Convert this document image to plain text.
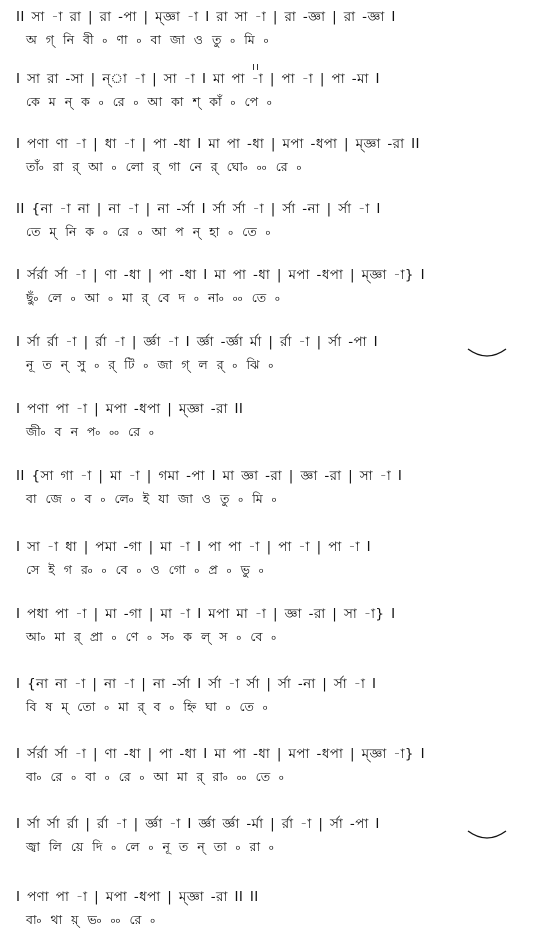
II সা -া রা | রা -পা | ম্জ্ঞা -া I রা সা -া | রা -জ্ঞা | রা -জ্ঞা I
অ গ্ নি বী ৹ ণা ৹ বা জা ও তু ৹ মি ৹
I সা রা -সা | ন্া -া | সা -া I মা পা -া | পা -া | পা -মা I
কে ম ন্ ক ৹ রে ৹ আ কা শ্ কাঁ ৹ পে ৹
I পণা ণা -া | ধা -া | পা -ধা I মা পা -ধা | মপা -ধপা | ম্জ্ঞা -রা II
তাঁ৹ রা র্ আ ৹ লো র্ গা নে র্ ঘো৹ ৹৹ রে ৹
II {না -া না | না -া | না -র্সা I র্সা র্সা -া | র্সা -না | র্সা -া I
তে ম্ নি ক ৹ রে ৹ আ প ন্ হা ৹ তে ৹
I র্সর্রা র্সা -া | ণা -ধা | পা -ধা I মা পা -ধা | মপা -ধপা | ম্জ্ঞা -া} I
ছুঁ৹ লে ৹ আ ৹ মা র্ বে দ ৹ না৹ ৹৹ তে ৹
I র্সা র্রা -া | র্রা -া | র্জ্ঞা -া I র্জ্ঞা -র্জ্ঞা র্মা | র্রা -া | র্সা -পা I
নূ ত ন্ সু ৹ র্ টি ৹ জা গ্ ল র্ ৹ ঝি ৹
I পণা পা -া | মপা -ধপা | ম্জ্ঞা -রা II
জী৹ ব ন প৹ ৹৹ রে ৹
II {সা গা -া | মা -া | গমা -পা I মা জ্ঞা -রা | জ্ঞা -রা | সা -া I
বা জে ৹ ব ৹ লে৹ ই যা জা ও তু ৹ মি ৹
I সা -া ধা | পমা -গা | মা -া I পা পা -া | পা -া | পা -া I
সে ই গ র৹ ৹ বে ৹ ও গো ৹ প্র ৹ ভু ৹
I পধা পা -া | মা -গা | মা -া I মপা মা -া | জ্ঞা -রা | সা -া} I
আ৹ মা র্ প্রা ৹ ণে ৹ স৹ ক ল্ স ৹ বে ৹
I {না না -া | না -া | না -র্সা I র্সা -া র্সা | র্সা -না | র্সা -া I
বি ষ ম্ তো ৹ মা র্ ব ৹ হ্নি ঘা ৹ তে ৹
I র্সর্রা র্সা -া | ণা -ধা | পা -ধা I মা পা -ধা | মপা -ধপা | ম্জ্ঞা -া} I
বা৹ রে ৹ বা ৹ রে ৹ আ মা র্ রা৹ ৹৹ তে ৹
I র্সা র্সা র্রা | র্রা -া | র্জ্ঞা -া I র্জ্ঞা র্জ্ঞা -র্মা | র্রা -া | র্সা -পা I
জ্বা লি য়ে দি ৹ লে ৹ নূ ত ন্ তা ৹ রা ৹
I পণা পা -া | মপা -ধপা | ম্জ্ঞা -রা II II
বা৹ থা য়্ ভ৹ ৹৹ রে ৹
